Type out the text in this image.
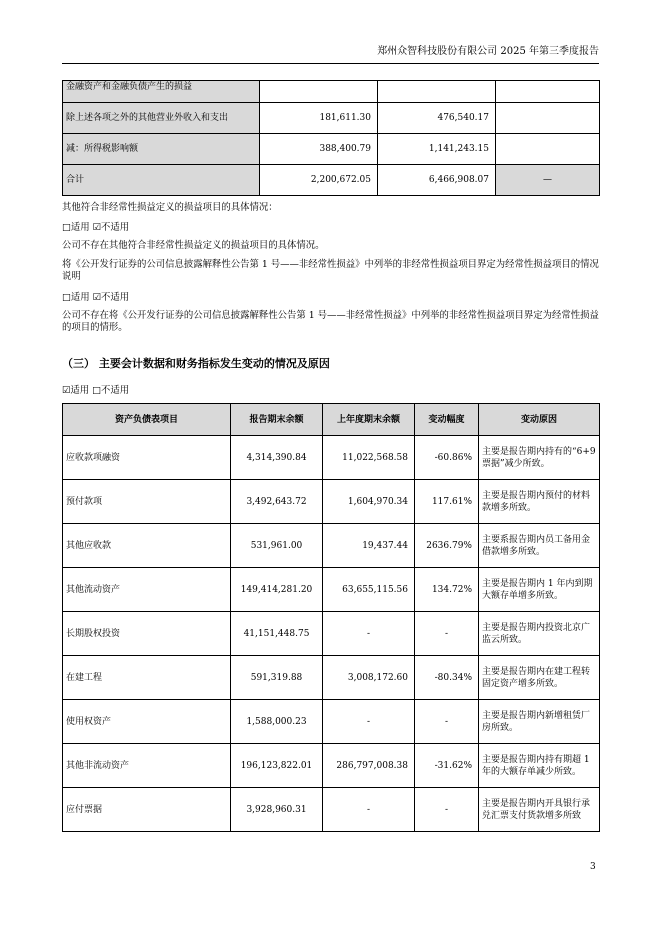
郑州众智科技股份有限公司 2025 年第三季度报告
金融资产和金融负债产生的损益			
除上述各项之外的其他营业外收入和支出	181,611.30	476,540.17	
减：所得税影响额	388,400.79	1,141,243.15	
合计	2,200,672.05	6,466,908.07	—
其他符合非经常性损益定义的损益项目的具体情况：
□适用 ☑不适用
公司不存在其他符合非经常性损益定义的损益项目的具体情况。
将《公开发行证券的公司信息披露解释性公告第 1 号——非经常性损益》中列举的非经常性损益项目界定为经常性损益项目的情况说明
□适用 ☑不适用
公司不存在将《公开发行证券的公司信息披露解释性公告第 1 号——非经常性损益》中列举的非经常性损益项目界定为经常性损益的项目的情形。
（三） 主要会计数据和财务指标发生变动的情况及原因
☑适用 □不适用
资产负债表项目	报告期末余额	上年度期末余额	变动幅度	变动原因
应收款项融资	4,314,390.84	11,022,568.58	-60.86%	主要是报告期内持有的“6+9 票据”减少所致。
预付款项	3,492,643.72	1,604,970.34	117.61%	主要是报告期内预付的材料款增多所致。
其他应收款	531,961.00	19,437.44	2636.79%	主要系报告期内员工备用金借款增多所致。
其他流动资产	149,414,281.20	63,655,115.56	134.72%	主要是报告期内 1 年内到期大额存单增多所致。
长期股权投资	41,151,448.75	-	-	主要是报告期内投资北京广监云所致。
在建工程	591,319.88	3,008,172.60	-80.34%	主要是报告期内在建工程转固定资产增多所致。
使用权资产	1,588,000.23	-	-	主要是报告期内新增租赁厂房所致。
其他非流动资产	196,123,822.01	286,797,008.38	-31.62%	主要是报告期内持有期超 1 年的大额存单减少所致。
应付票据	3,928,960.31	-	-	主要是报告期内开具银行承兑汇票支付货款增多所致
3
